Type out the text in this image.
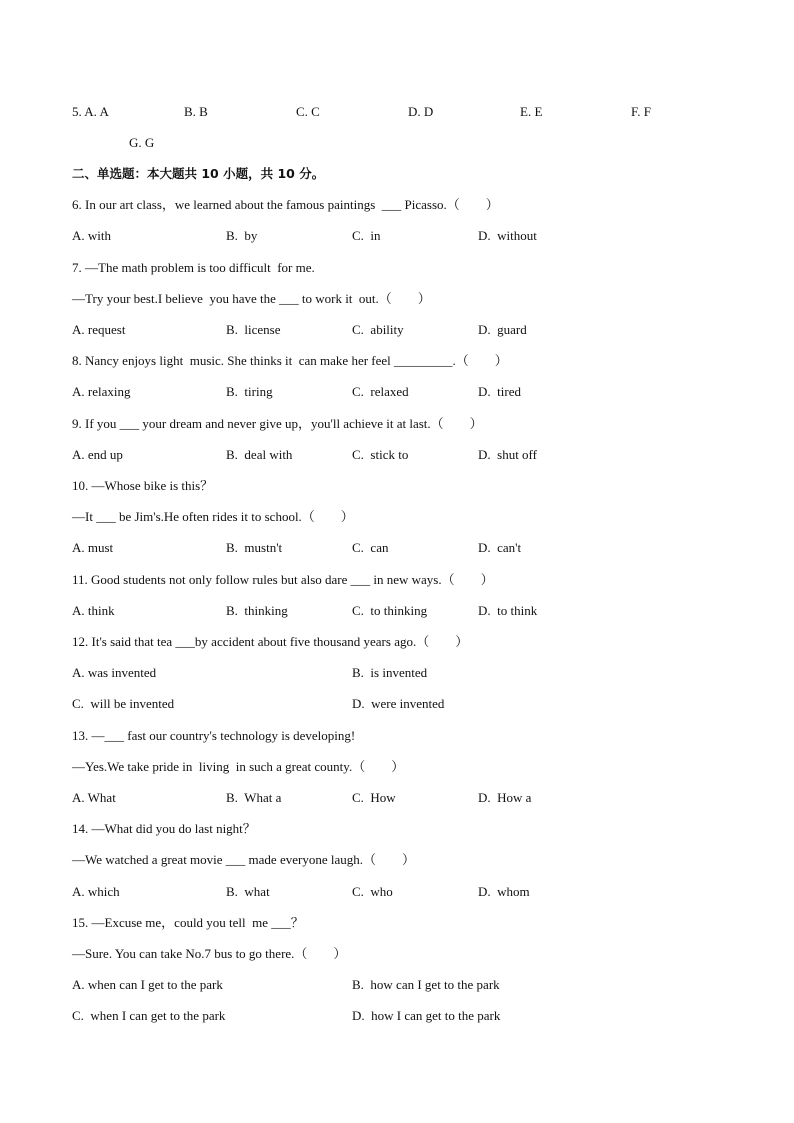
5. A. A	B. B	C. C	D. D	E. E	F. F
G. G
二、单选题：本大题共 10 小题，共 10 分。
6. In our art class，we learned about the famous paintings  ___ Picasso.（        ）
A. with	B.  by	C.  in	D.  without
7. —The math problem is too difficult  for me.
—Try your best.I believe  you have the ___ to work it  out.（        ）
A. request	B.  license	C.  ability	D.  guard
8. Nancy enjoys light  music. She thinks it  can make her feel _________.（        ）
A. relaxing	B.  tiring	C.  relaxed	D.  tired
9. If you ___ your dream and never give up，you'll achieve it at last.（        ）
A. end up	B.  deal with	C.  stick to	D.  shut off
10. —Whose bike is this？
—It ___ be Jim's.He often rides it to school.（        ）
A. must	B.  mustn't	C.  can	D.  can't
11. Good students not only follow rules but also dare ___ in new ways.（        ）
A. think	B.  thinking	C.  to thinking	D.  to think
12. It's said that tea ___by accident about five thousand years ago.（        ）
A. was invented	B.  is invented
C.  will be invented	D.  were invented
13. —___ fast our country's technology is developing!
—Yes.We take pride in  living  in such a great county.（        ）
A. What	B.  What a	C.  How	D.  How a
14. —What did you do last night？
—We watched a great movie ___ made everyone laugh.（        ）
A. which	B.  what	C.  who	D.  whom
15. —Excuse me，could you tell  me ___？
—Sure. You can take No.7 bus to go there.（        ）
A. when can I get to the park	B.  how can I get to the park
C.  when I can get to the park	D.  how I can get to the park
